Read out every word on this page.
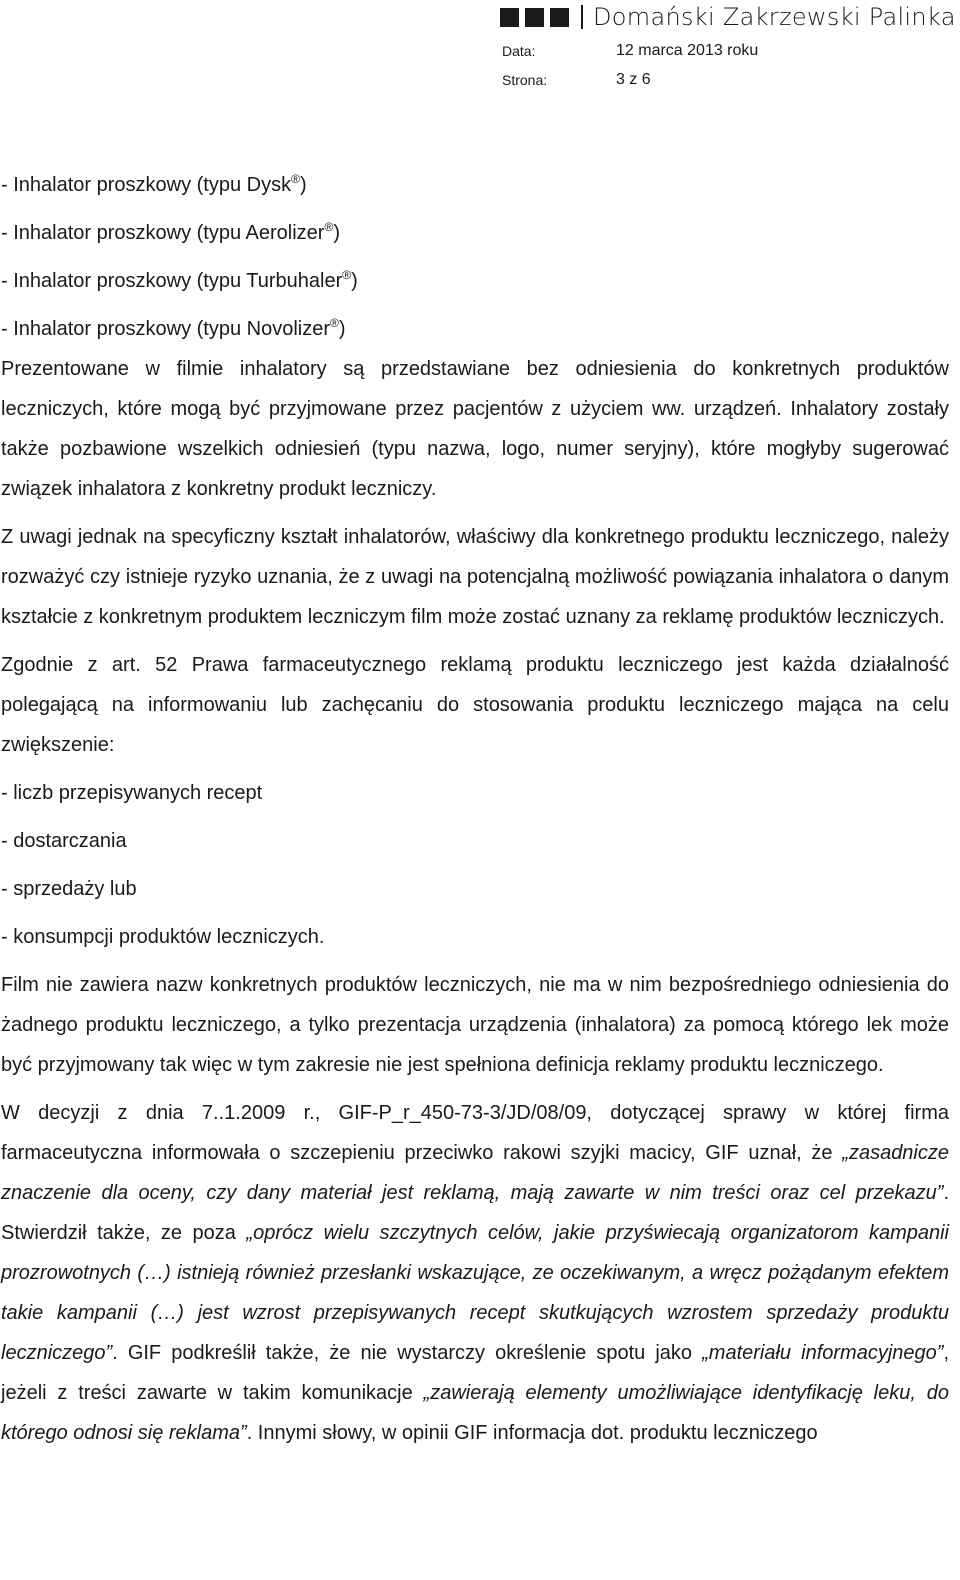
Domański Zakrzewski Palinka
Data:	12 marca 2013 roku
Strona:	3 z 6
- Inhalator proszkowy (typu Dysk®)
- Inhalator proszkowy (typu Aerolizer®)
- Inhalator proszkowy (typu Turbuhaler®)
- Inhalator proszkowy (typu Novolizer®)

Prezentowane w filmie inhalatory są przedstawiane bez odniesienia do konkretnych produktów leczniczych, które mogą być przyjmowane przez pacjentów z użyciem ww. urządzeń. Inhalatory zostały także pozbawione wszelkich odniesień (typu nazwa, logo, numer seryjny), które mogłyby sugerować związek inhalatora z konkretny produkt leczniczy.

Z uwagi jednak na specyficzny kształt inhalatorów, właściwy dla konkretnego produktu leczniczego, należy rozważyć czy istnieje ryzyko uznania, że z uwagi na potencjalną możliwość powiązania inhalatora o danym kształcie z konkretnym produktem leczniczym film może zostać uznany za reklamę produktów leczniczych.

Zgodnie z art. 52 Prawa farmaceutycznego reklamą produktu leczniczego jest każda działalność polegającą na informowaniu lub zachęcaniu do stosowania produktu leczniczego mająca na celu zwiększenie:

- liczb przepisywanych recept
- dostarczania
- sprzedaży lub
- konsumpcji produktów leczniczych.

Film nie zawiera nazw konkretnych produktów leczniczych, nie ma w nim bezpośredniego odniesienia do żadnego produktu leczniczego, a tylko prezentacja urządzenia (inhalatora) za pomocą którego lek może być przyjmowany tak więc w tym zakresie nie jest spełniona definicja reklamy produktu leczniczego.

W decyzji z dnia 7..1.2009 r., GIF-P_r_450-73-3/JD/08/09, dotyczącej sprawy w której firma farmaceutyczna informowała o szczepieniu przeciwko rakowi szyjki macicy, GIF uznał, że „zasadnicze znaczenie dla oceny, czy dany materiał jest reklamą, mają zawarte w nim treści oraz cel przekazu”. Stwierdził także, ze poza „oprócz wielu szczytnych celów, jakie przyświecają organizatorom kampanii prozrowotnych (…) istnieją również przesłanki wskazujące, ze oczekiwanym, a wręcz pożądanym efektem takie kampanii (…) jest wzrost przepisywanych recept skutkujących wzrostem sprzedaży produktu leczniczego”. GIF podkreślił także, że nie wystarczy określenie spotu jako „materiału informacyjnego”, jeżeli z treści zawarte w takim komunikacje „zawierają elementy umożliwiające identyfikację leku, do którego odnosi się reklama”. Innymi słowy, w opinii GIF informacja dot. produktu leczniczego
